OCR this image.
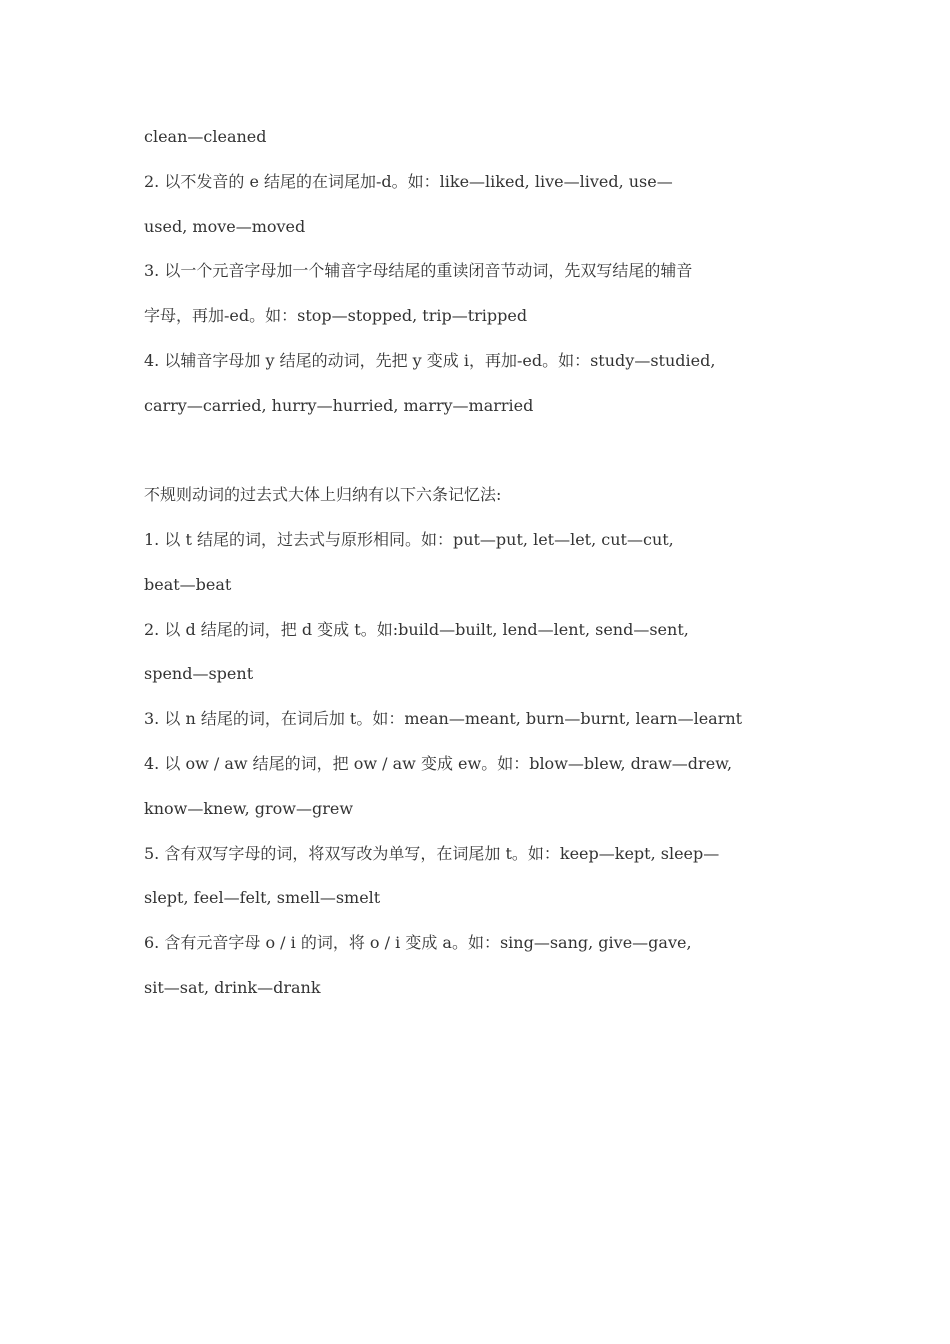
clean—cleaned
2. 以不发音的 e 结尾的在词尾加-d。如：like—liked, live—lived, use—
used, move—moved
3. 以一个元音字母加一个辅音字母结尾的重读闭音节动词，先双写结尾的辅音
字母，再加-ed。如：stop—stopped, trip—tripped
4. 以辅音字母加 y 结尾的动词，先把 y 变成 i，再加-ed。如：study—studied,
carry—carried, hurry—hurried, marry—married
不规则动词的过去式大体上归纳有以下六条记忆法:
1. 以 t 结尾的词，过去式与原形相同。如：put—put, let—let, cut—cut,
beat—beat
2. 以 d 结尾的词，把 d 变成 t。如:build—built, lend—lent, send—sent,
spend—spent
3. 以 n 结尾的词，在词后加 t。如：mean—meant, burn—burnt, learn—learnt
4. 以 ow / aw 结尾的词，把 ow / aw 变成 ew。如：blow—blew, draw—drew,
know—knew, grow—grew
5. 含有双写字母的词，将双写改为单写，在词尾加 t。如：keep—kept, sleep—
slept, feel—felt, smell—smelt
6. 含有元音字母 o / i 的词，将 o / i 变成 a。如：sing—sang, give—gave,
sit—sat, drink—drank
